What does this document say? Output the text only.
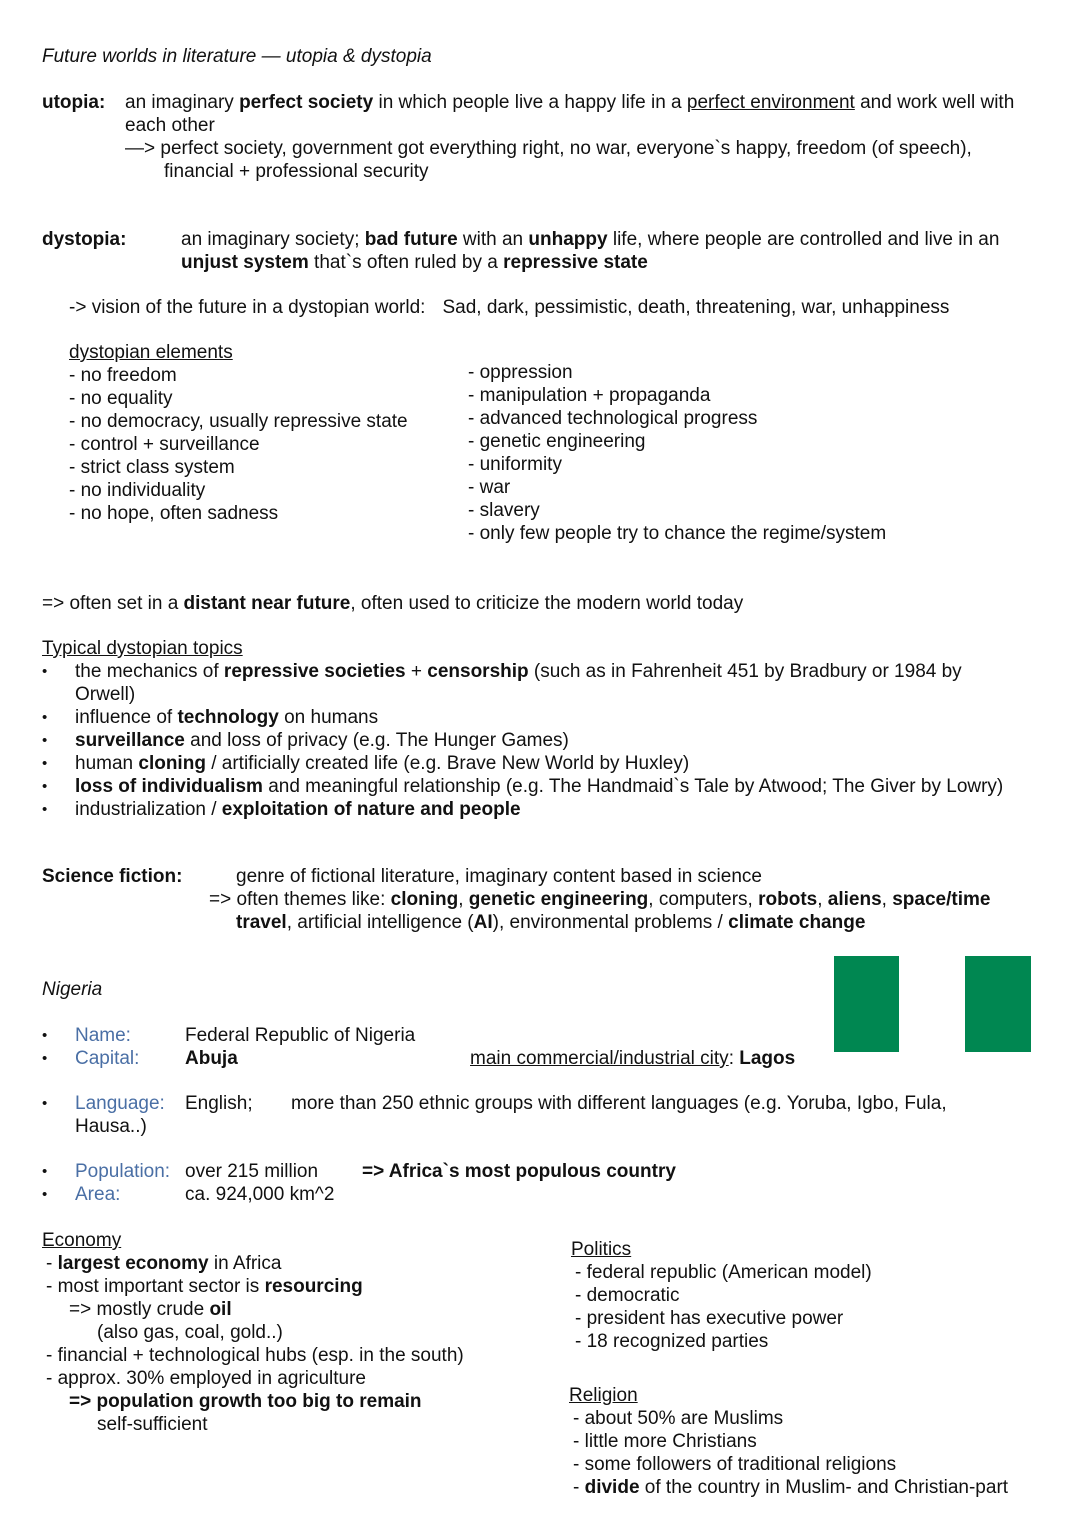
Future worlds in literature — utopia & dystopia
utopia: an imaginary perfect society in which people live a happy life in a perfect environment and work well with
each other
—> perfect society, government got everything right, no war, everyone`s happy, freedom (of speech),
financial + professional security
dystopia:	an imaginary society; bad future with an unhappy life, where people are controlled and live in an
unjust system that`s often ruled by a repressive state
-> vision of the future in a dystopian world: Sad, dark, pessimistic, death, threatening, war, unhappiness
dystopian elements
- no freedom
- no equality
- no democracy, usually repressive state
- control + surveillance
- strict class system
- no individuality
- no hope, often sadness
- oppression
- manipulation + propaganda
- advanced technological progress
- genetic engineering
- uniformity
- war
- slavery
- only few people try to chance the regime/system
=> often set in a distant near future, often used to criticize the modern world today
Typical dystopian topics
• the mechanics of repressive societies + censorship (such as in Fahrenheit 451 by Bradbury or 1984 by
Orwell)
• influence of technology on humans
• surveillance and loss of privacy (e.g. The Hunger Games)
• human cloning / artificially created life (e.g. Brave New World by Huxley)
• loss of individualism and meaningful relationship (e.g. The Handmaid`s Tale by Atwood; The Giver by Lowry)
• industrialization / exploitation of nature and people
Science fiction:	genre of fictional literature, imaginary content based in science
=> often themes like: cloning, genetic engineering, computers, robots, aliens, space/time
travel, artificial intelligence (AI), environmental problems / climate change
Nigeria
• Name:	Federal Republic of Nigeria
• Capital: Abuja	main commercial/industrial city: Lagos
• Language: English; more than 250 ethnic groups with different languages (e.g. Yoruba, Igbo, Fula,
Hausa..)
• Population: over 215 million => Africa`s most populous country
• Area:	ca. 924,000 km^2
Economy
- largest economy in Africa
- most important sector is resourcing
=> mostly crude oil
(also gas, coal, gold..)
- financial + technological hubs (esp. in the south)
- approx. 30% employed in agriculture
=> population growth too big to remain
self-sufficient
Politics
- federal republic (American model)
- democratic
- president has executive power
- 18 recognized parties
Religion
- about 50% are Muslims
- little more Christians
- some followers of traditional religions
- divide of the country in Muslim- and Christian-part
